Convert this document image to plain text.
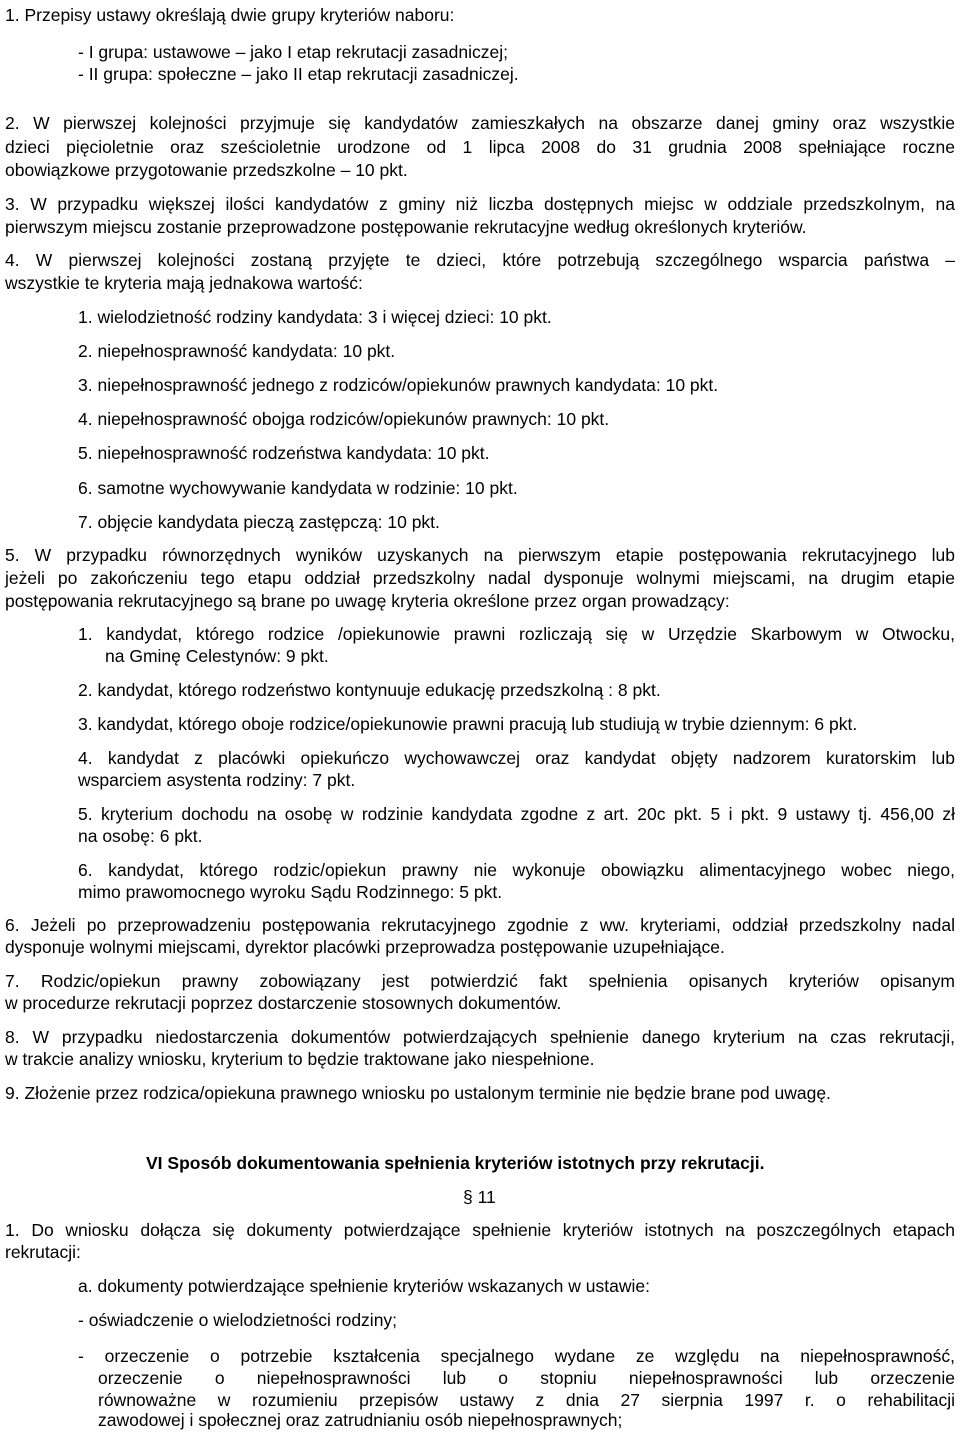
1. Przepisy ustawy określają dwie grupy kryteriów naboru:
- I grupa: ustawowe – jako I etap rekrutacji zasadniczej;
- II grupa: społeczne – jako II etap rekrutacji zasadniczej.
2. W pierwszej kolejności przyjmuje się kandydatów zamieszkałych na obszarze danej gminy oraz wszystkie
dzieci pięcioletnie oraz sześcioletnie urodzone od 1 lipca 2008 do 31 grudnia 2008 spełniające roczne
obowiązkowe przygotowanie przedszkolne – 10 pkt.
3. W przypadku większej ilości kandydatów z gminy niż liczba dostępnych miejsc w oddziale przedszkolnym, na
pierwszym miejscu zostanie przeprowadzone postępowanie rekrutacyjne według określonych kryteriów.
4. W pierwszej kolejności zostaną przyjęte te dzieci, które potrzebują szczególnego wsparcia państwa –
wszystkie te kryteria mają jednakowa wartość:
1. wielodzietność rodziny kandydata: 3 i więcej dzieci: 10 pkt.
2. niepełnosprawność kandydata: 10 pkt.
3. niepełnosprawność jednego z rodziców/opiekunów prawnych kandydata: 10 pkt.
4. niepełnosprawność obojga rodziców/opiekunów prawnych: 10 pkt.
5. niepełnosprawność rodzeństwa kandydata: 10 pkt.
6. samotne wychowywanie kandydata w rodzinie: 10 pkt.
7. objęcie kandydata pieczą zastępczą: 10 pkt.
5. W przypadku równorzędnych wyników uzyskanych na pierwszym etapie postępowania rekrutacyjnego lub
jeżeli po zakończeniu tego etapu oddział przedszkolny nadal dysponuje wolnymi miejscami, na drugim etapie
postępowania rekrutacyjnego są brane po uwagę kryteria określone przez organ prowadzący:
1. kandydat, którego rodzice /opiekunowie prawni rozliczają się w Urzędzie Skarbowym w Otwocku,
na Gminę Celestynów: 9 pkt.
2. kandydat, którego rodzeństwo kontynuuje edukację przedszkolną : 8 pkt.
3. kandydat, którego oboje rodzice/opiekunowie prawni pracują lub studiują w trybie dziennym: 6 pkt.
4. kandydat z placówki opiekuńczo wychowawczej oraz kandydat objęty nadzorem kuratorskim lub
wsparciem asystenta rodziny: 7 pkt.
5. kryterium dochodu na osobę w rodzinie kandydata zgodne z art. 20c pkt. 5 i pkt. 9 ustawy tj. 456,00 zł
na osobę: 6 pkt.
6. kandydat, którego rodzic/opiekun prawny nie wykonuje obowiązku alimentacyjnego wobec niego,
mimo prawomocnego wyroku Sądu Rodzinnego: 5 pkt.
6. Jeżeli po przeprowadzeniu postępowania rekrutacyjnego zgodnie z ww. kryteriami, oddział przedszkolny nadal
dysponuje wolnymi miejscami, dyrektor placówki przeprowadza postępowanie uzupełniające.
7. Rodzic/opiekun prawny zobowiązany jest potwierdzić fakt spełnienia opisanych kryteriów opisanym
w procedurze rekrutacji poprzez dostarczenie stosownych dokumentów.
8. W przypadku niedostarczenia dokumentów potwierdzających spełnienie danego kryterium na czas rekrutacji,
w trakcie analizy wniosku, kryterium to będzie traktowane jako niespełnione.
9. Złożenie przez rodzica/opiekuna prawnego wniosku po ustalonym terminie nie będzie brane pod uwagę.
VI Sposób dokumentowania spełnienia kryteriów istotnych przy rekrutacji.
§ 11
1. Do wniosku dołącza się dokumenty potwierdzające spełnienie kryteriów istotnych na poszczególnych etapach
rekrutacji:
a. dokumenty potwierdzające spełnienie kryteriów wskazanych w ustawie:
- oświadczenie o wielodzietności rodziny;
- orzeczenie o potrzebie kształcenia specjalnego wydane ze względu na niepełnosprawność,
orzeczenie o niepełnosprawności lub o stopniu niepełnosprawności lub orzeczenie
równoważne w rozumieniu przepisów ustawy z dnia 27 sierpnia 1997 r. o rehabilitacji
zawodowej i społecznej oraz zatrudnianiu osób niepełnosprawnych;
